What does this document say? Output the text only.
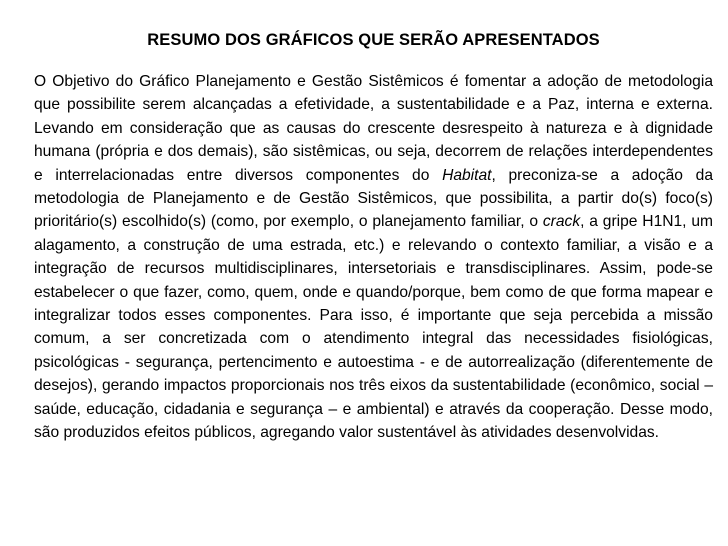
RESUMO DOS GRÁFICOS QUE SERÃO APRESENTADOS

O Objetivo do Gráfico Planejamento e Gestão Sistêmicos é fomentar a adoção de metodologia que possibilite serem alcançadas a efetividade, a sustentabilidade e a Paz, interna e externa. Levando em consideração que as causas do crescente desrespeito à natureza e à dignidade humana (própria e dos demais), são sistêmicas, ou seja, decorrem de relações interdependentes e interrelacionadas entre diversos componentes do Habitat, preconiza-se a adoção da metodologia de Planejamento e de Gestão Sistêmicos, que possibilita, a partir do(s) foco(s) prioritário(s) escolhido(s) (como, por exemplo, o planejamento familiar, o crack, a gripe H1N1, um alagamento, a construção de uma estrada, etc.) e relevando o contexto familiar, a visão e a integração de recursos multidisciplinares, intersetoriais e transdisciplinares. Assim, pode-se estabelecer o que fazer, como, quem, onde e quando/porque, bem como de que forma mapear e integralizar todos esses componentes. Para isso, é importante que seja percebida a missão comum, a ser concretizada com o atendimento integral das necessidades fisiológicas, psicológicas - segurança, pertencimento e autoestima - e de autorrealização (diferentemente de desejos), gerando impactos proporcionais nos três eixos da sustentabilidade (econômico, social – saúde, educação, cidadania e segurança – e ambiental) e através da cooperação. Desse modo, são produzidos efeitos públicos, agregando valor sustentável às atividades desenvolvidas.
